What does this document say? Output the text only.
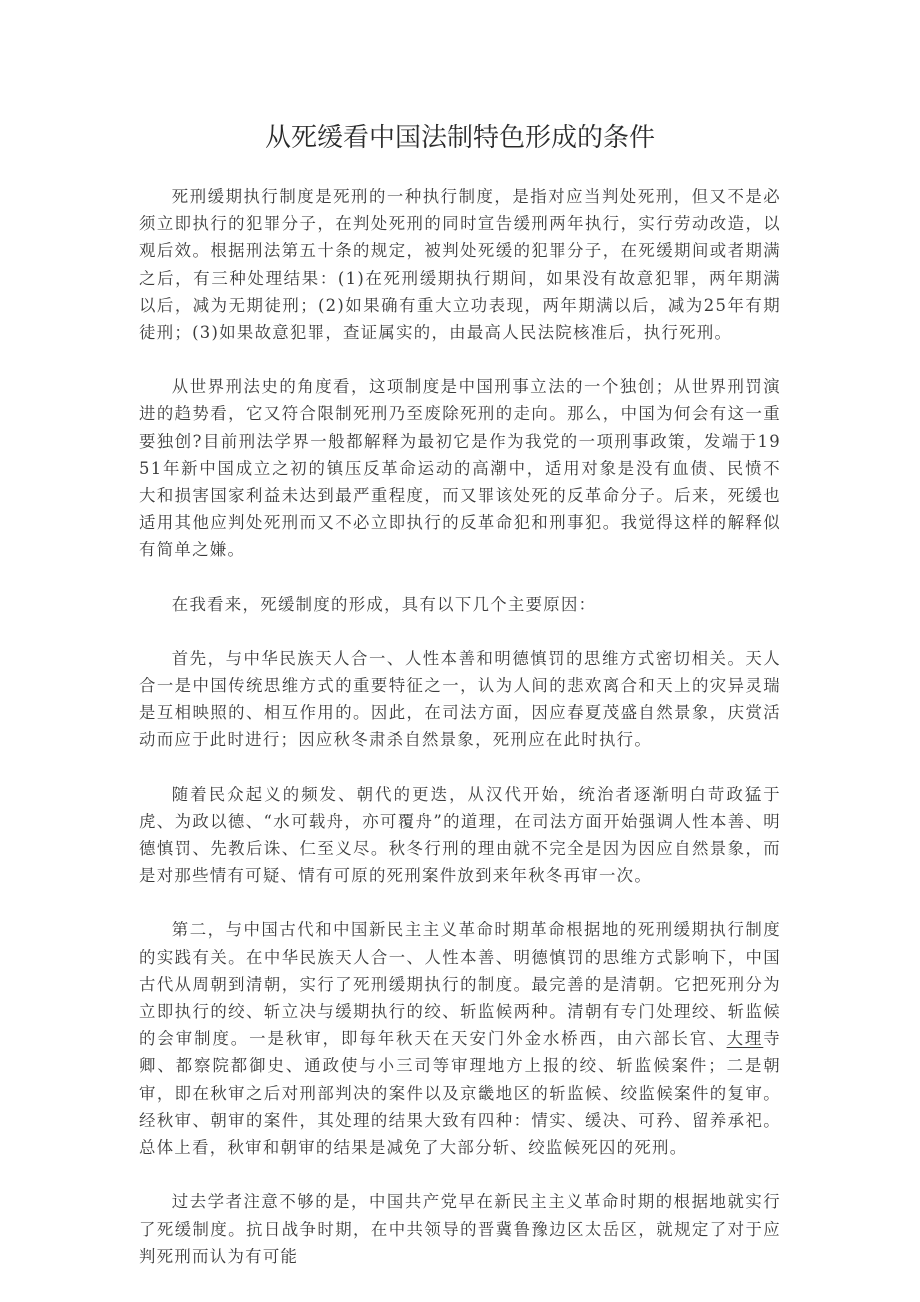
从死缓看中国法制特色形成的条件

死刑缓期执行制度是死刑的一种执行制度，是指对应当判处死刑，但又不是必须立即执行的犯罪分子，在判处死刑的同时宣告缓刑两年执行，实行劳动改造，以观后效。根据刑法第五十条的规定，被判处死缓的犯罪分子，在死缓期间或者期满之后，有三种处理结果：(1)在死刑缓期执行期间，如果没有故意犯罪，两年期满以后，减为无期徒刑；(2)如果确有重大立功表现，两年期满以后，减为25年有期徒刑；(3)如果故意犯罪，查证属实的，由最高人民法院核准后，执行死刑。

从世界刑法史的角度看，这项制度是中国刑事立法的一个独创；从世界刑罚演进的趋势看，它又符合限制死刑乃至废除死刑的走向。那么，中国为何会有这一重要独创?目前刑法学界一般都解释为最初它是作为我党的一项刑事政策，发端于1951年新中国成立之初的镇压反革命运动的高潮中，适用对象是没有血债、民愤不大和损害国家利益未达到最严重程度，而又罪该处死的反革命分子。后来，死缓也适用其他应判处死刑而又不必立即执行的反革命犯和刑事犯。我觉得这样的解释似有简单之嫌。

在我看来，死缓制度的形成，具有以下几个主要原因：

首先，与中华民族天人合一、人性本善和明德慎罚的思维方式密切相关。天人合一是中国传统思维方式的重要特征之一，认为人间的悲欢离合和天上的灾异灵瑞是互相映照的、相互作用的。因此，在司法方面，因应春夏茂盛自然景象，庆赏活动而应于此时进行；因应秋冬肃杀自然景象，死刑应在此时执行。

随着民众起义的频发、朝代的更迭，从汉代开始，统治者逐渐明白苛政猛于虎、为政以德、“水可载舟，亦可覆舟”的道理，在司法方面开始强调人性本善、明德慎罚、先教后诛、仁至义尽。秋冬行刑的理由就不完全是因为因应自然景象，而是对那些情有可疑、情有可原的死刑案件放到来年秋冬再审一次。

第二，与中国古代和中国新民主主义革命时期革命根据地的死刑缓期执行制度的实践有关。在中华民族天人合一、人性本善、明德慎罚的思维方式影响下，中国古代从周朝到清朝，实行了死刑缓期执行的制度。最完善的是清朝。它把死刑分为立即执行的绞、斩立决与缓期执行的绞、斩监候两种。清朝有专门处理绞、斩监候的会审制度。一是秋审，即每年秋天在天安门外金水桥西，由六部长官、大理寺卿、都察院都御史、通政使与小三司等审理地方上报的绞、斩监候案件；二是朝审，即在秋审之后对刑部判决的案件以及京畿地区的斩监候、绞监候案件的复审。经秋审、朝审的案件，其处理的结果大致有四种：情实、缓决、可矜、留养承祀。总体上看，秋审和朝审的结果是减免了大部分斩、绞监候死囚的死刑。

过去学者注意不够的是，中国共产党早在新民主主义革命时期的根据地就实行了死缓制度。抗日战争时期，在中共领导的晋冀鲁豫边区太岳区，就规定了对于应判死刑而认为有可能
